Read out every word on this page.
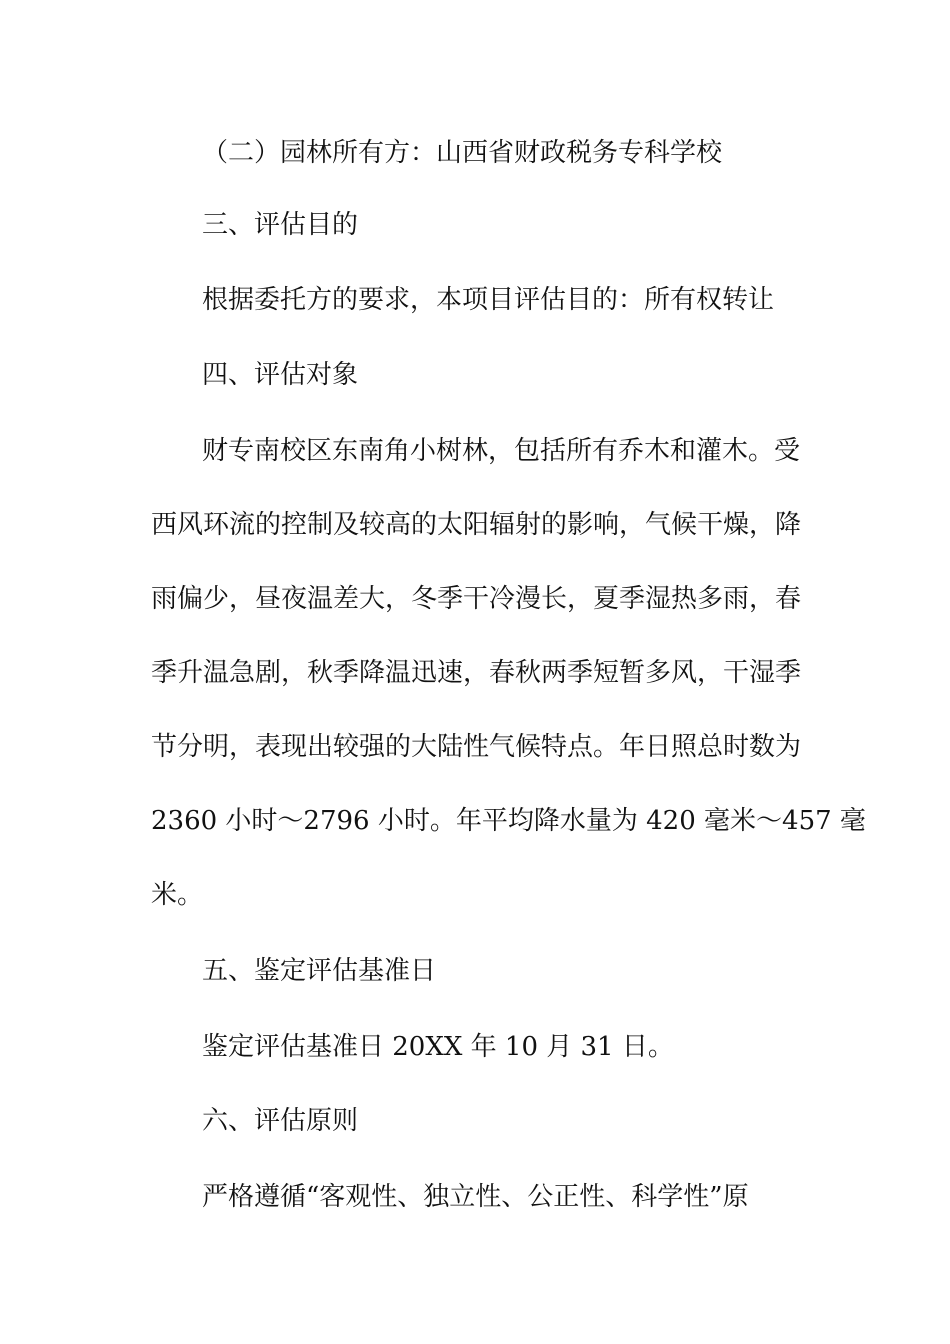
（二）园林所有方：山西省财政税务专科学校
三、评估目的
根据委托方的要求，本项目评估目的：所有权转让
四、评估对象
财专南校区东南角小树林，包括所有乔木和灌木。受
西风环流的控制及较高的太阳辐射的影响，气候干燥，降
雨偏少，昼夜温差大，冬季干冷漫长，夏季湿热多雨，春
季升温急剧，秋季降温迅速，春秋两季短暂多风，干湿季
节分明，表现出较强的大陆性气候特点。年日照总时数为
2360 小时～2796 小时。年平均降水量为 420 毫米～457 毫
米。
五、鉴定评估基准日
鉴定评估基准日 20XX 年 10 月 31 日。
六、评估原则
严格遵循“客观性、独立性、公正性、科学性”原
